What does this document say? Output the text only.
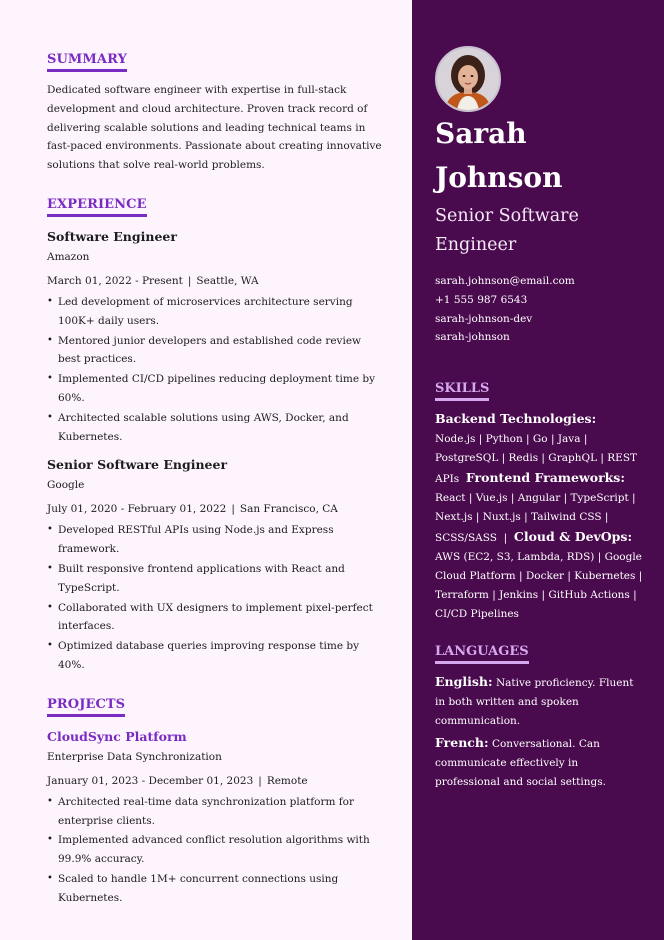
SUMMARY

Dedicated software engineer with expertise in full-stack development and cloud architecture. Proven track record of delivering scalable solutions and leading technical teams in fast-paced environments. Passionate about creating innovative solutions that solve real-world problems.

EXPERIENCE
Software Engineer
Amazon
March 01, 2022 - Present | Seattle, WA
• Led development of microservices architecture serving 100K+ daily users.
• Mentored junior developers and established code review best practices.
• Implemented CI/CD pipelines reducing deployment time by 60%.
• Architected scalable solutions using AWS, Docker, and Kubernetes.
Senior Software Engineer
Google
July 01, 2020 - February 01, 2022 | San Francisco, CA
• Developed RESTful APIs using Node.js and Express framework.
• Built responsive frontend applications with React and TypeScript.
• Collaborated with UX designers to implement pixel-perfect interfaces.
• Optimized database queries improving response time by 40%.
PROJECTS
CloudSync Platform
Enterprise Data Synchronization
January 01, 2023 - December 01, 2023 | Remote
• Architected real-time data synchronization platform for enterprise clients.
• Implemented advanced conflict resolution algorithms with 99.9% accuracy.
• Scaled to handle 1M+ concurrent connections using Kubernetes.
Sarah
Johnson
Senior Software Engineer
sarah.johnson@email.com
+1 555 987 6543
sarah-johnson-dev
sarah-johnson
SKILLS
Backend Technologies:
Node.js | Python | Go | Java | PostgreSQL | Redis | GraphQL | REST APIs Frontend Frameworks: React | Vue.js | Angular | TypeScript | Next.js | Nuxt.js | Tailwind CSS | SCSS/SASS | Cloud & DevOps: AWS (EC2, S3, Lambda, RDS) | Google Cloud Platform | Docker | Kubernetes | Terraform | Jenkins | GitHub Actions | CI/CD Pipelines
LANGUAGES
English: Native proficiency. Fluent in both written and spoken communication.
French: Conversational. Can communicate effectively in professional and social settings.
